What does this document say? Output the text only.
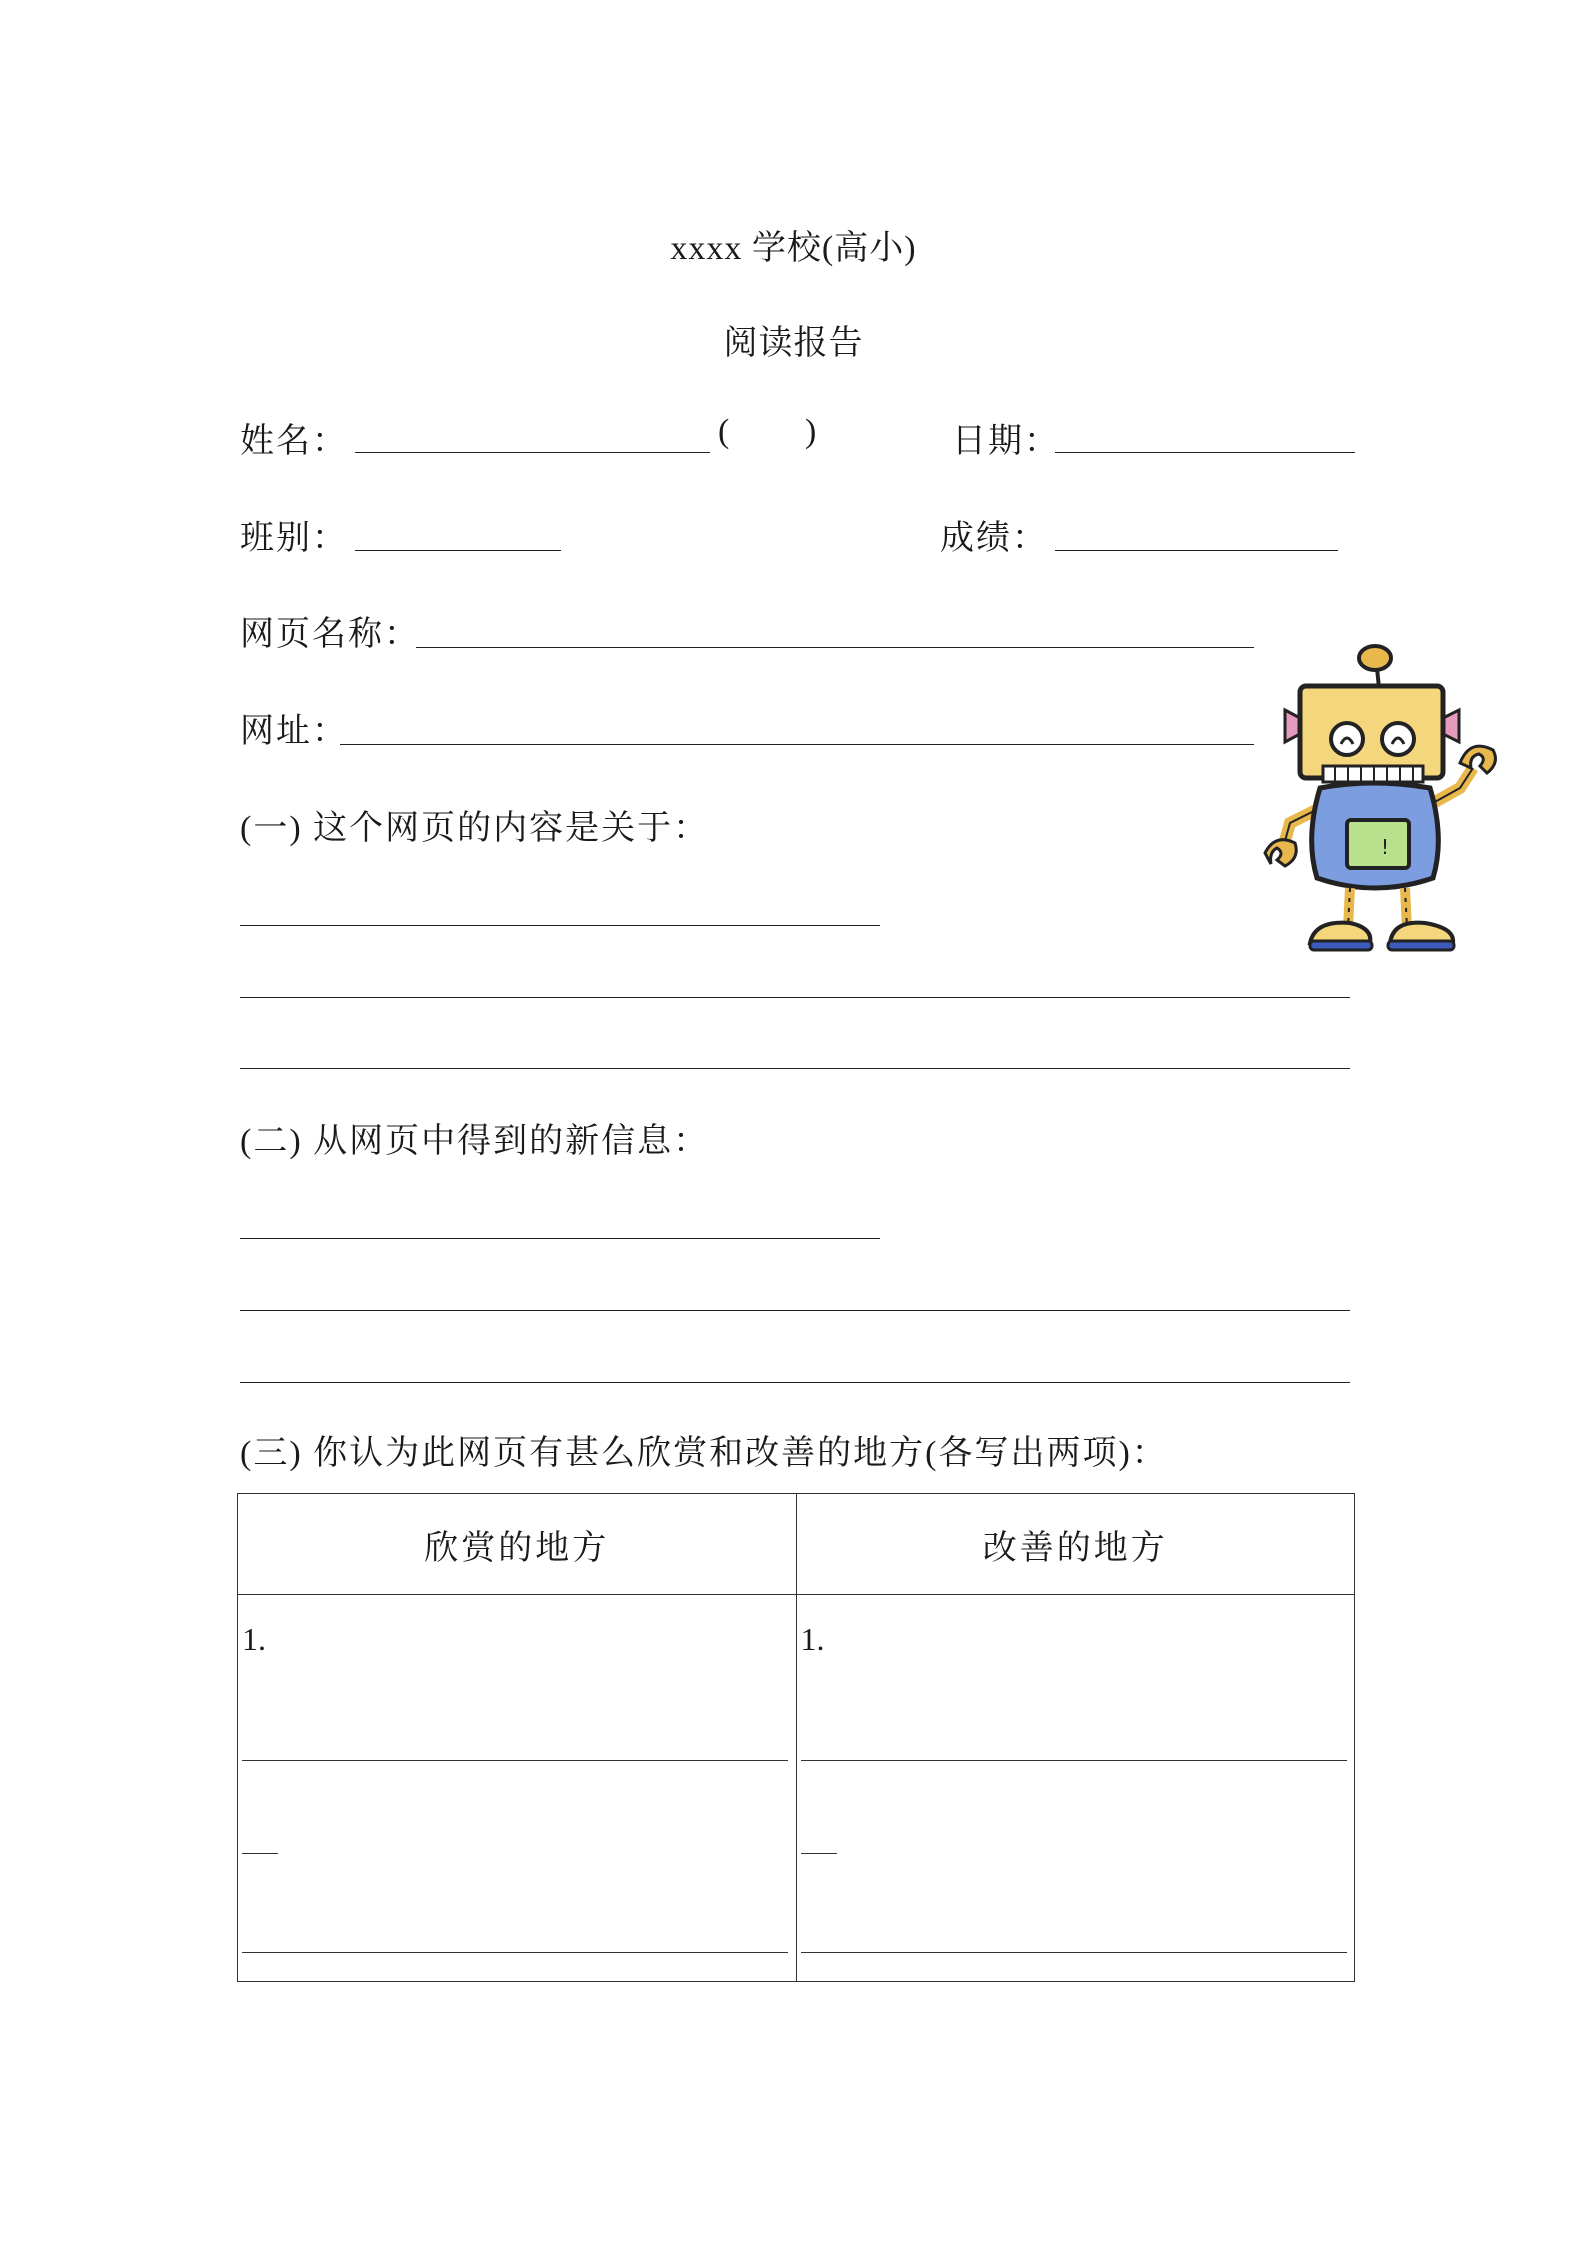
xxxx 学校(高小)
阅读报告
姓名：	( )	日期：
班别：	成绩：
网页名称：
网址：
(一) 这个网页的内容是关于：
(二) 从网页中得到的新信息：
(三) 你认为此网页有甚么欣赏和改善的地方(各写出两项)：
欣赏的地方	改善的地方

1.	1.
!
